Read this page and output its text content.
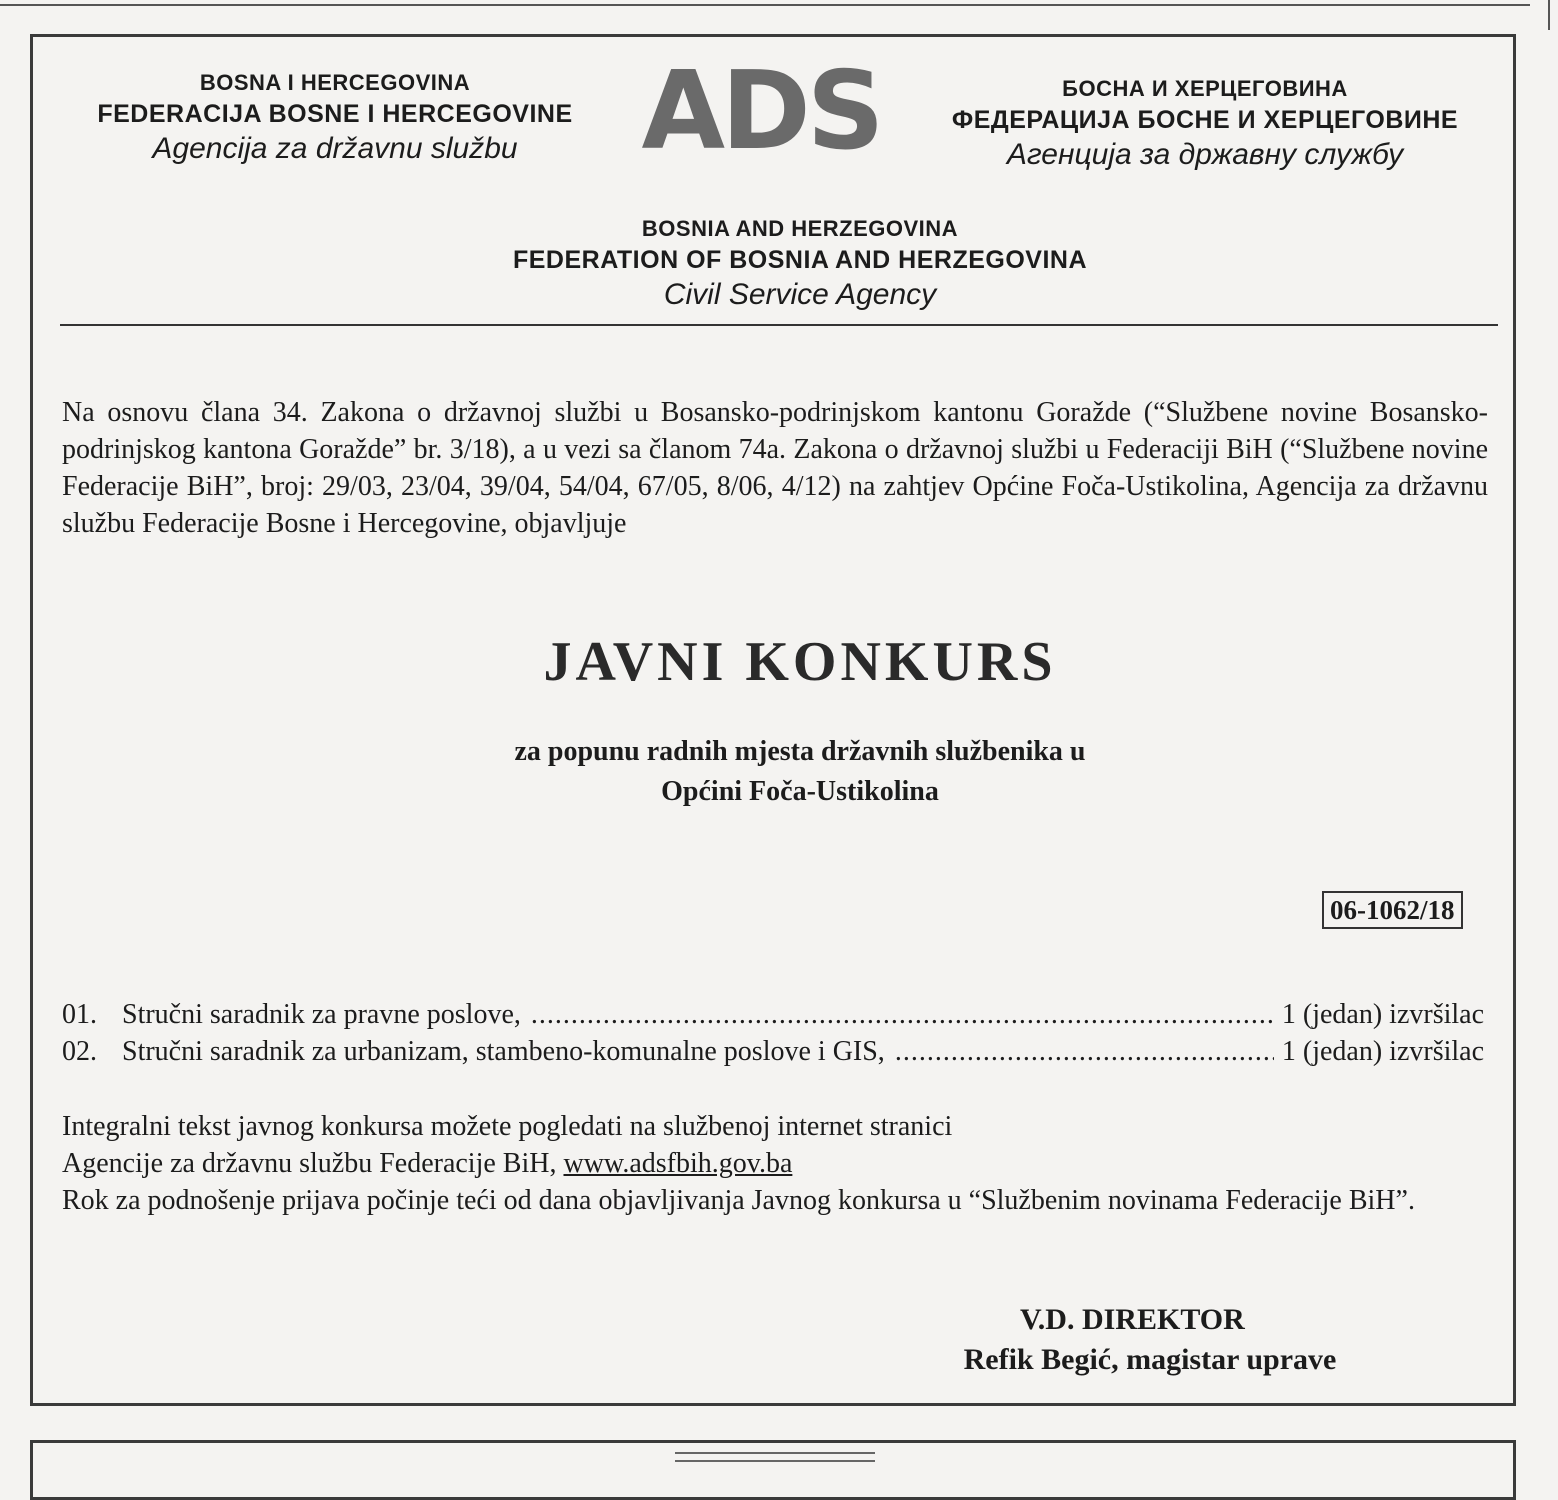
BOSNA I HERCEGOVINA
FEDERACIJA BOSNE I HERCEGOVINE
Agencija za državnu službu	ADS	БОСНА И ХЕРЦЕГОВИНА
ФЕДЕРАЦИЈА БОСНЕ И ХЕРЦЕГОВИНЕ
Агенција за државну службу
BOSNIA AND HERZEGOVINA
FEDERATION OF BOSNIA AND HERZEGOVINA
Civil Service Agency
Na osnovu člana 34. Zakona o državnoj službi u Bosansko-podrinjskom kantonu Goražde (“Službene novine Bosansko-podrinjskog kantona Goražde” br. 3/18), a u vezi sa članom 74a. Zakona o državnoj službi u Federaciji BiH (“Službene novine Federacije BiH”, broj: 29/03, 23/04, 39/04, 54/04, 67/05, 8/06, 4/12) na zahtjev Općine Foča-Ustikolina, Agencija za državnu službu Federacije Bosne i Hercegovine, objavljuje
JAVNI KONKURS
za popunu radnih mjesta državnih službenika u
Općini Foča-Ustikolina
06-1062/18
01. Stručni saradnik za pravne poslove, . . .	1 (jedan) izvršilac
02. Stručni saradnik za urbanizam, stambeno-komunalne poslove i GIS, . . .	1 (jedan) izvršilac
Integralni tekst javnog konkursa možete pogledati na službenoj internet stranici
Agencije za državnu službu Federacije BiH, www.adsfbih.gov.ba
Rok za podnošenje prijava počinje teći od dana objavljivanja Javnog konkursa u “Službenim novinama Federacije BiH”.
V.D. DIREKTOR
Refik Begić, magistar uprave
